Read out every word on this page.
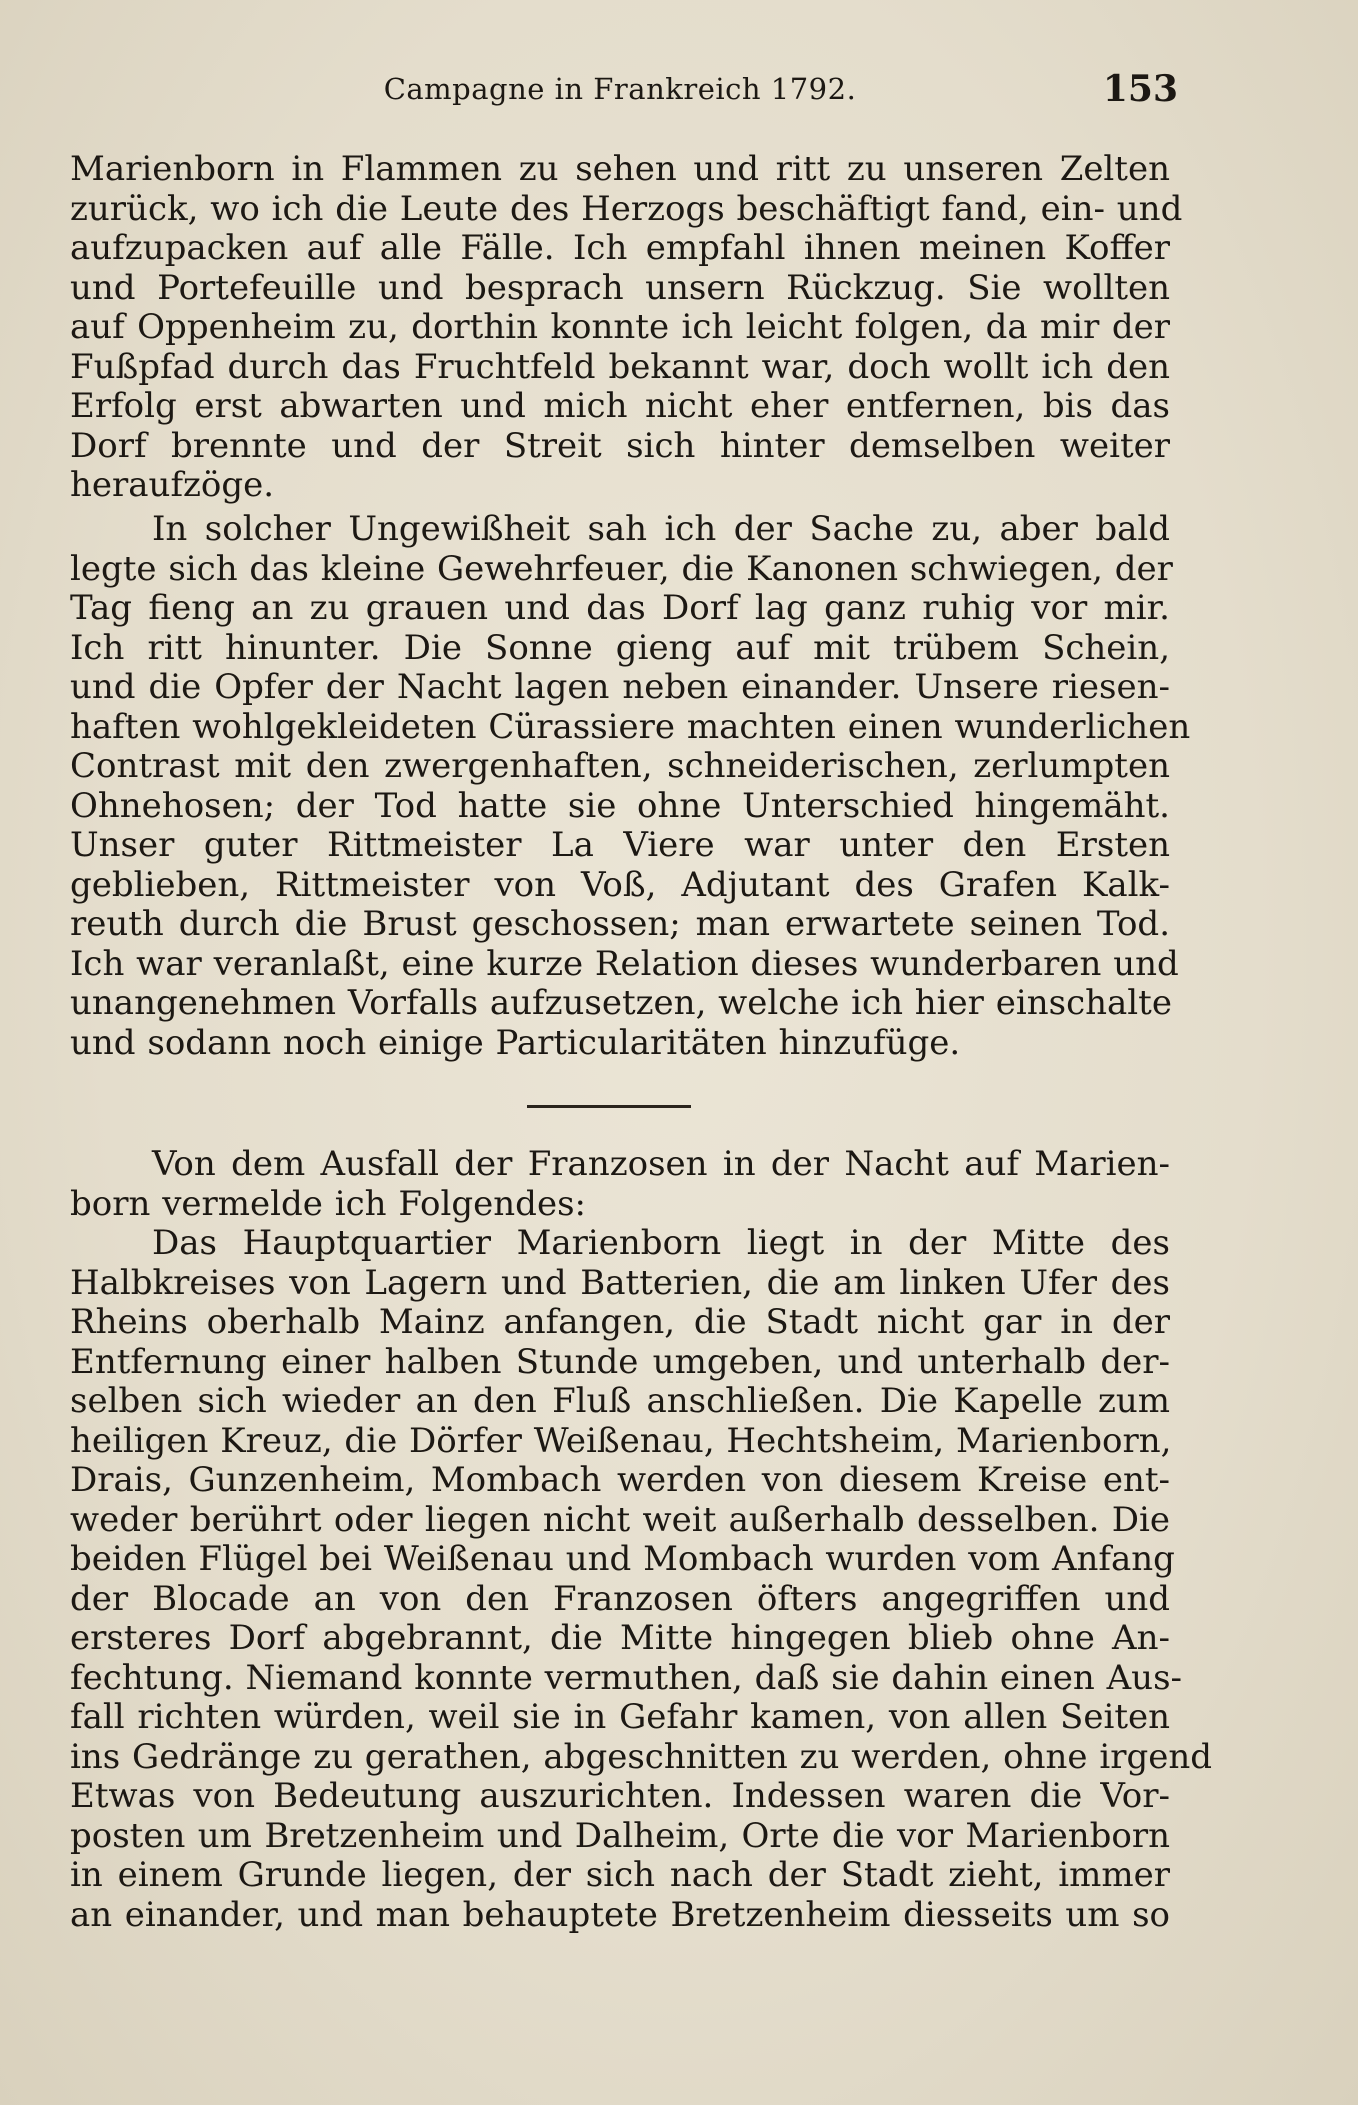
Campagne in Frankreich 1792.	153
Marienborn in Flammen zu sehen und ritt zu unseren Zelten
zurück, wo ich die Leute des Herzogs beschäftigt fand, ein- und
aufzupacken auf alle Fälle. Ich empfahl ihnen meinen Koffer
und Portefeuille und besprach unsern Rückzug. Sie wollten
auf Oppenheim zu, dorthin konnte ich leicht folgen, da mir der
Fußpfad durch das Fruchtfeld bekannt war, doch wollt ich den
Erfolg erst abwarten und mich nicht eher entfernen, bis das
Dorf brennte und der Streit sich hinter demselben weiter
heraufzöge.
In solcher Ungewißheit sah ich der Sache zu, aber bald
legte sich das kleine Gewehrfeuer, die Kanonen schwiegen, der
Tag fieng an zu grauen und das Dorf lag ganz ruhig vor mir.
Ich ritt hinunter. Die Sonne gieng auf mit trübem Schein,
und die Opfer der Nacht lagen neben einander. Unsere riesen-
haften wohlgekleideten Cürassiere machten einen wunderlichen
Contrast mit den zwergenhaften, schneiderischen, zerlumpten
Ohnehosen; der Tod hatte sie ohne Unterschied hingemäht.
Unser guter Rittmeister La Viere war unter den Ersten
geblieben, Rittmeister von Voß, Adjutant des Grafen Kalk-
reuth durch die Brust geschossen; man erwartete seinen Tod.
Ich war veranlaßt, eine kurze Relation dieses wunderbaren und
unangenehmen Vorfalls aufzusetzen, welche ich hier einschalte
und sodann noch einige Particularitäten hinzufüge.
Von dem Ausfall der Franzosen in der Nacht auf Marien-
born vermelde ich Folgendes:
Das Hauptquartier Marienborn liegt in der Mitte des
Halbkreises von Lagern und Batterien, die am linken Ufer des
Rheins oberhalb Mainz anfangen, die Stadt nicht gar in der
Entfernung einer halben Stunde umgeben, und unterhalb der-
selben sich wieder an den Fluß anschließen. Die Kapelle zum
heiligen Kreuz, die Dörfer Weißenau, Hechtsheim, Marienborn,
Drais, Gunzenheim, Mombach werden von diesem Kreise ent-
weder berührt oder liegen nicht weit außerhalb desselben. Die
beiden Flügel bei Weißenau und Mombach wurden vom Anfang
der Blocade an von den Franzosen öfters angegriffen und
ersteres Dorf abgebrannt, die Mitte hingegen blieb ohne An-
fechtung. Niemand konnte vermuthen, daß sie dahin einen Aus-
fall richten würden, weil sie in Gefahr kamen, von allen Seiten
ins Gedränge zu gerathen, abgeschnitten zu werden, ohne irgend
Etwas von Bedeutung auszurichten. Indessen waren die Vor-
posten um Bretzenheim und Dalheim, Orte die vor Marienborn
in einem Grunde liegen, der sich nach der Stadt zieht, immer
an einander, und man behauptete Bretzenheim diesseits um so
